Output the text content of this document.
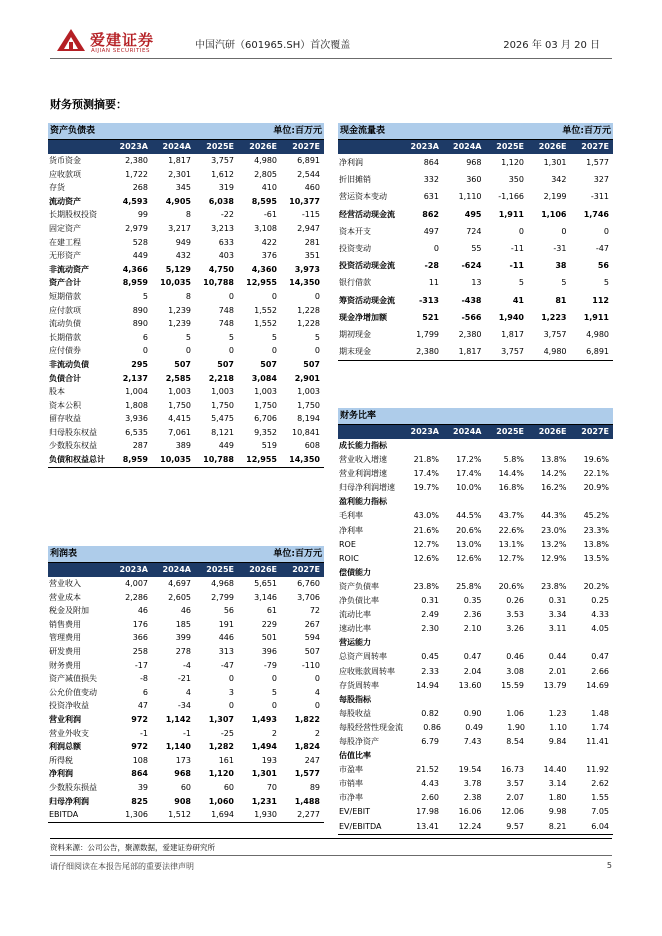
爱建证券
AIJIAN SECURITIES	中国汽研（601965.SH）首次覆盖	2026 年 03 月 20 日
财务预测摘要：
资产负债表	单位:百万元
2023A	2024A	2025E	2026E	2027E
货币资金	2,380	1,817	3,757	4,980	6,891
应收款项	1,722	2,301	1,612	2,805	2,544
存货	268	345	319	410	460
流动资产	4,593	4,905	6,038	8,595	10,377
长期股权投资	99	8	-22	-61	-115
固定资产	2,979	3,217	3,213	3,108	2,947
在建工程	528	949	633	422	281
无形资产	449	432	403	376	351
非流动资产	4,366	5,129	4,750	4,360	3,973
资产合计	8,959	10,035	10,788	12,955	14,350
短期借款	5	8	0	0	0
应付款项	890	1,239	748	1,552	1,228
流动负债	890	1,239	748	1,552	1,228
长期借款	6	5	5	5	5
应付债券	0	0	0	0	0
非流动负债	295	507	507	507	507
负债合计	2,137	2,585	2,218	3,084	2,901
股本	1,004	1,003	1,003	1,003	1,003
资本公积	1,808	1,750	1,750	1,750	1,750
留存收益	3,936	4,415	5,475	6,706	8,194
归母股东权益	6,535	7,061	8,121	9,352	10,841
少数股东权益	287	389	449	519	608
负债和权益总计	8,959	10,035	10,788	12,955	14,350
利润表	单位:百万元
2023A	2024A	2025E	2026E	2027E
营业收入	4,007	4,697	4,968	5,651	6,760
营业成本	2,286	2,605	2,799	3,146	3,706
税金及附加	46	46	56	61	72
销售费用	176	185	191	229	267
管理费用	366	399	446	501	594
研发费用	258	278	313	396	507
财务费用	-17	-4	-47	-79	-110
资产减值损失	-8	-21	0	0	0
公允价值变动	6	4	3	5	4
投资净收益	47	-34	0	0	0
营业利润	972	1,142	1,307	1,493	1,822
营业外收支	-1	-1	-25	2	2
利润总额	972	1,140	1,282	1,494	1,824
所得税	108	173	161	193	247
净利润	864	968	1,120	1,301	1,577
少数股东损益	39	60	60	70	89
归母净利润	825	908	1,060	1,231	1,488
EBITDA	1,306	1,512	1,694	1,930	2,277
现金流量表	单位:百万元
2023A	2024A	2025E	2026E	2027E
净利润	864	968	1,120	1,301	1,577
折旧摊销	332	360	350	342	327
营运资本变动	631	1,110	-1,166	2,199	-311
经营活动现金流	862	495	1,911	1,106	1,746
资本开支	497	724	0	0	0
投资变动	0	55	-11	-31	-47
投资活动现金流	-28	-624	-11	38	56
银行借款	11	13	5	5	5
筹资活动现金流	-313	-438	41	81	112
现金净增加额	521	-566	1,940	1,223	1,911
期初现金	1,799	2,380	1,817	3,757	4,980
期末现金	2,380	1,817	3,757	4,980	6,891
财务比率
2023A	2024A	2025E	2026E	2027E
成长能力指标
营业收入增速	21.8%	17.2%	5.8%	13.8%	19.6%
营业利润增速	17.4%	17.4%	14.4%	14.2%	22.1%
归母净利润增速	19.7%	10.0%	16.8%	16.2%	20.9%
盈利能力指标
毛利率	43.0%	44.5%	43.7%	44.3%	45.2%
净利率	21.6%	20.6%	22.6%	23.0%	23.3%
ROE	12.7%	13.0%	13.1%	13.2%	13.8%
ROIC	12.6%	12.6%	12.7%	12.9%	13.5%
偿债能力
资产负债率	23.8%	25.8%	20.6%	23.8%	20.2%
净负债比率	0.31	0.35	0.26	0.31	0.25
流动比率	2.49	2.36	3.53	3.34	4.33
速动比率	2.30	2.10	3.26	3.11	4.05
营运能力
总资产周转率	0.45	0.47	0.46	0.44	0.47
应收账款周转率	2.33	2.04	3.08	2.01	2.66
存货周转率	14.94	13.60	15.59	13.79	14.69
每股指标
每股收益	0.82	0.90	1.06	1.23	1.48
每股经营性现金流	0.86	0.49	1.90	1.10	1.74
每股净资产	6.79	7.43	8.54	9.84	11.41
估值比率
市盈率	21.52	19.54	16.73	14.40	11.92
市销率	4.43	3.78	3.57	3.14	2.62
市净率	2.60	2.38	2.07	1.80	1.55
EV/EBIT	17.98	16.06	12.06	9.98	7.05
EV/EBITDA	13.41	12.24	9.57	8.21	6.04
资料来源：公司公告，聚源数据，爱建证券研究所
请仔细阅读在本报告尾部的重要法律声明	5
